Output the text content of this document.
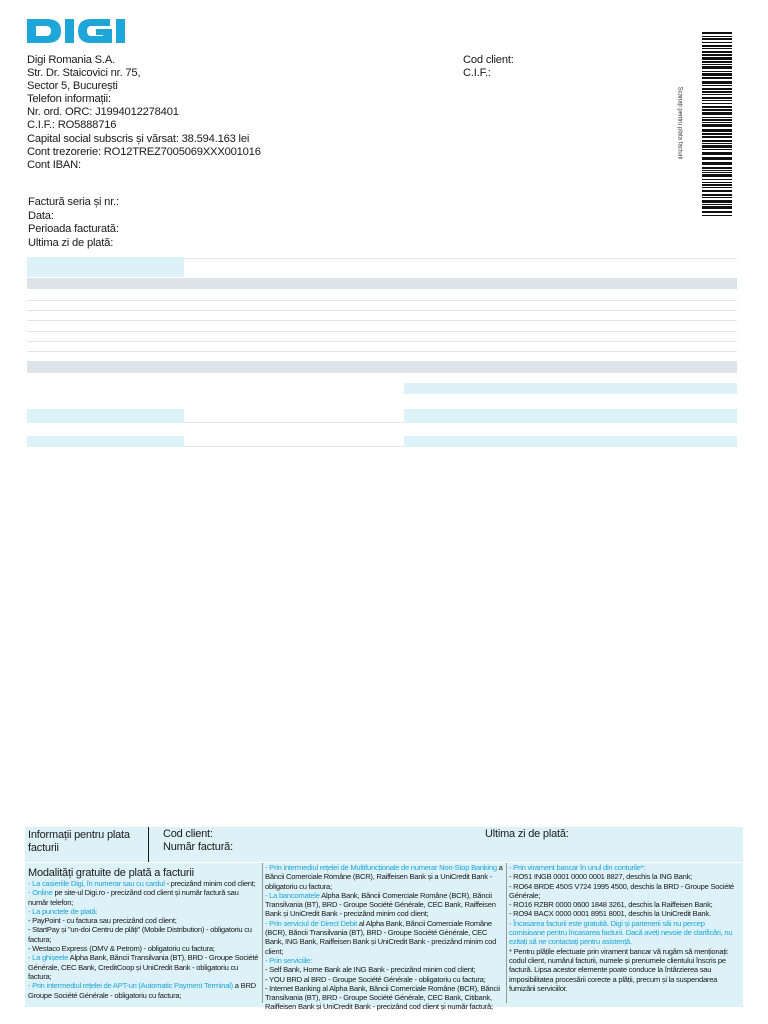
Digi Romania S.A.
Str. Dr. Staicovici nr. 75,
Sector 5, București
Telefon informații:
Nr. ord. ORC: J1994012278401
C.I.F.: RO5888716
Capital social subscris și vărsat: 38.594.163 lei
Cont trezorerie: RO12TREZ7005069XXX001016
Cont IBAN:
Cod client:
C.I.F.:
Scanați pentru plata facturii
Factură seria și nr.:
Data:
Perioada facturată:
Ultima zi de plată:
Informații pentru plata facturii
Cod client:
Număr factură:
Ultima zi de plată:
Modalități gratuite de plată a facturii
- La casieriile Digi, în numerar sau cu cardul - precizând minim cod client;
- Online pe site-ul Digi.ro - precizând cod client și număr factură sau număr telefon;
- La punctele de plată:
- PayPoint - cu factura sau precizând cod client;
- StartPay și "un-doi Centru de plăți" (Mobile Distribution) - obligatoriu cu factura;
- Westaco Express (OMV & Petrom) - obligatoriu cu factura;
- La ghișeele Alpha Bank, Băncii Transilvania (BT), BRD - Groupe Société Générale, CEC Bank, CreditCoop și UniCredit Bank - obligatoriu cu factura;
- Prin intermediul rețelei de APT-uri (Automatic Payment Terminal) a BRD Groupe Société Générale - obligatoriu cu factura;
- Prin intermediul rețelei de Multifuncționale de numerar Non-Stop Banking a Băncii Comerciale Române (BCR), Raiffeisen Bank și a UniCredit Bank - obligatoriu cu factura;
- La bancomatele Alpha Bank, Băncii Comerciale Române (BCR), Băncii Transilvania (BT), BRD - Groupe Société Générale, CEC Bank, Raiffeisen Bank și UniCredit Bank - precizând minim cod client;
- Prin serviciul de Direct Debit al Alpha Bank, Băncii Comerciale Române (BCR), Băncii Transilvania (BT), BRD - Groupe Société Générale, CEC Bank, ING Bank, Raiffeisen Bank și UniCredit Bank - precizând minim cod client;
- Prin serviciile:
- Self Bank, Home Bank ale ING Bank - precizând minim cod client;
- YOU BRD al BRD - Groupe Société Générale - obligatoriu cu factura;
- Internet Banking al Alpha Bank, Băncii Comerciale Române (BCR), Băncii Transilvania (BT), BRD - Groupe Société Générale, CEC Bank, Citibank, Raiffeisen Bank și UniCredit Bank - precizând cod client și număr factură;
- Prin virament bancar în unul din conturile*:
- RO51 INGB 0001 0000 0001 8827, deschis la ING Bank;
- RO64 BRDE 450S V724 1995 4500, deschis la BRD - Groupe Société Générale;
- RO16 RZBR 0000 0600 1848 3261, deschis la Raiffeisen Bank;
- RO94 BACX 0000 0001 8951 8001, deschis la UniCredit Bank.
- Încasarea facturii este gratuită. Digi și partenerii săi nu percep comisioane pentru încasarea facturii. Dacă aveți nevoie de clarificări, nu ezitați să ne contactați pentru asistență.
* Pentru plățile efectuate prin virament bancar vă rugăm să menționați: codul client, numărul facturii, numele și prenumele clientului înscris pe factură. Lipsa acestor elemente poate conduce la întârzierea sau imposibilitatea procesării corecte a plății, precum și la suspendarea furnizării serviciilor.
